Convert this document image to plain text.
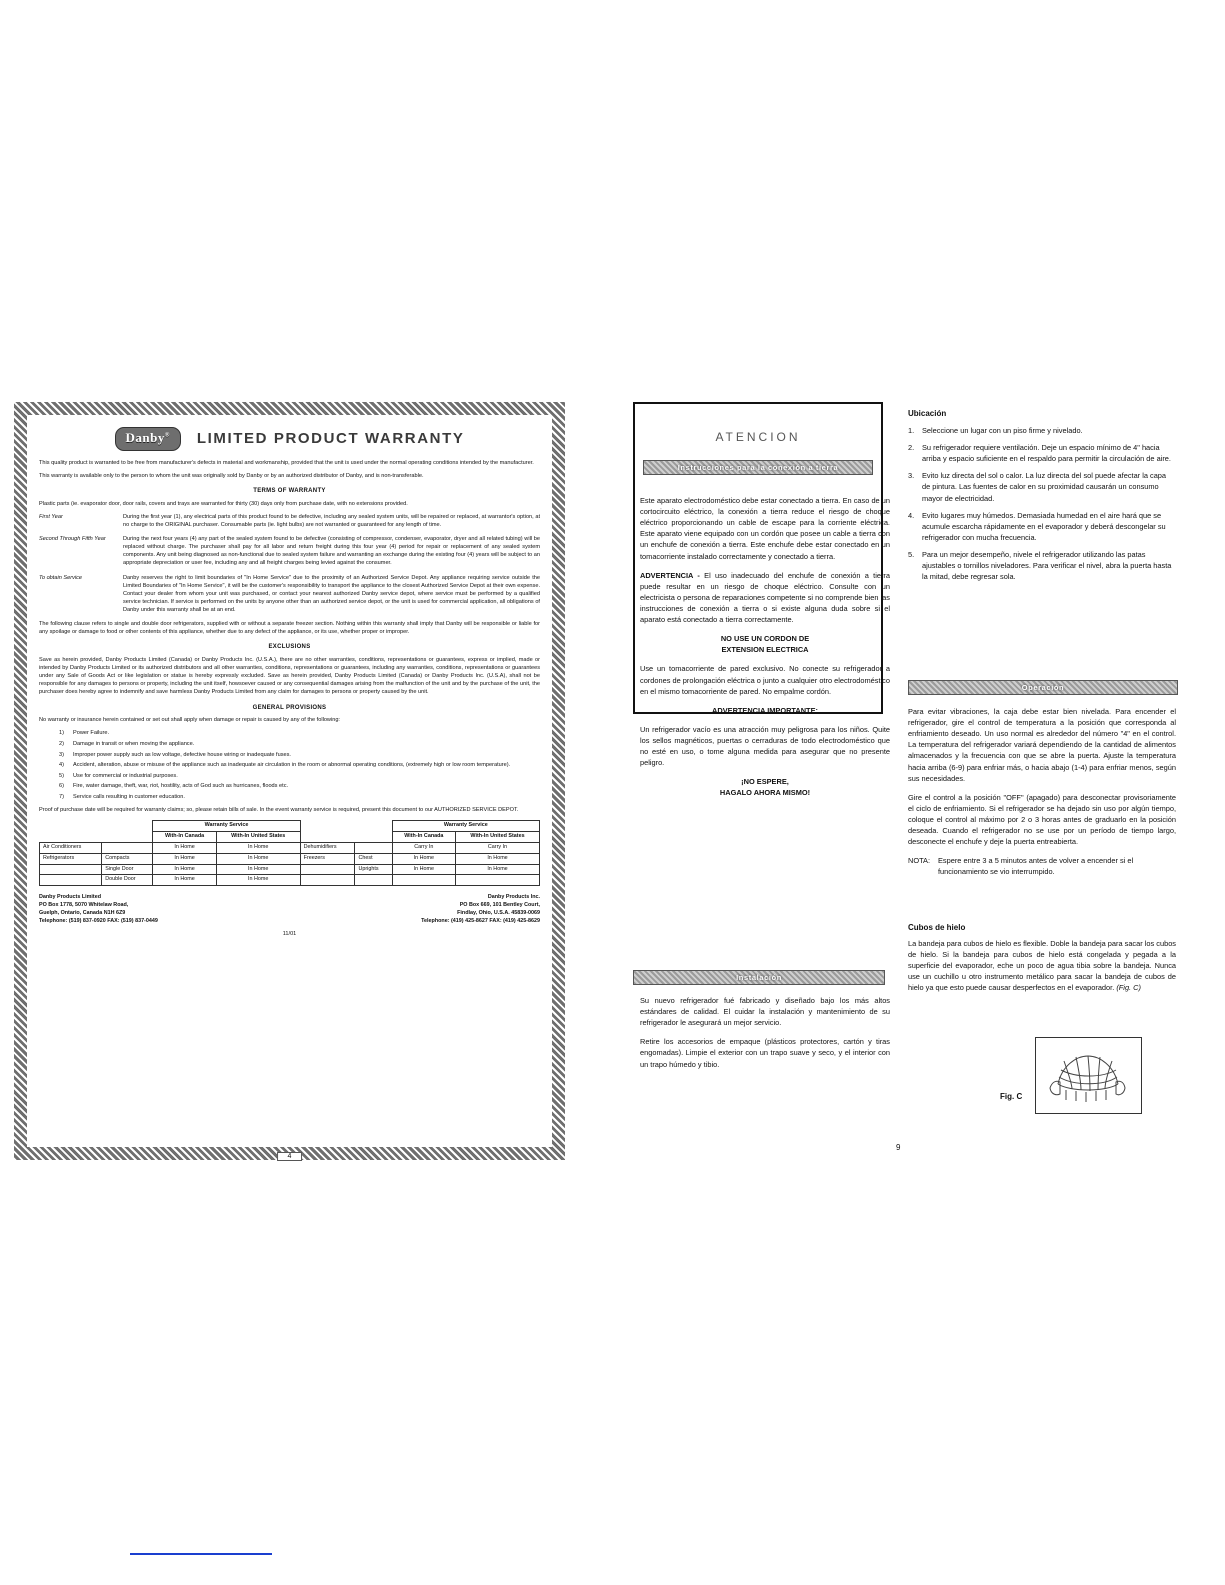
Danby®	LIMITED PRODUCT WARRANTY

This quality product is warranted to be free from manufacturer's defects in material and workmanship, provided that the unit is used under the normal operating conditions intended by the manufacturer.

This warranty is available only to the person to whom the unit was originally sold by Danby or by an authorized distributor of Danby, and is non-transferable.

TERMS OF WARRANTY

Plastic parts (ie. evaporator door, door rails, covers and trays are warranted for thirty (30) days only from purchase date, with no extensions provided.

First Year	During the first year (1), any electrical parts of this product found to be defective, including any sealed system units, will be repaired or replaced, at warrantor's option, at no charge to the ORIGINAL purchaser. Consumable parts (ie. light bulbs) are not warranted or guaranteed for any length of time.
Second Through Fifth Year	During the next four years (4) any part of the sealed system found to be defective (consisting of compressor, condenser, evaporator, dryer and all related tubing) will be replaced without charge. The purchaser shall pay for all labor and return freight during this four year (4) period for repair or replacement of any sealed system components. Any unit being diagnosed as non-functional due to sealed system failure and warranting an exchange during the existing four (4) years will be subject to an appropriate depreciation or user fee, including any and all freight charges being levied against the consumer.
To obtain Service	Danby reserves the right to limit boundaries of "In Home Service" due to the proximity of an Authorized Service Depot. Any appliance requiring service outside the Limited Boundaries of "In Home Service", it will be the customer's responsibility to transport the appliance to the closest Authorized Service Depot at their own expense. Contact your dealer from whom your unit was purchased, or contact your nearest authorized Danby service depot, where service must be performed by a qualified service technician. If service is performed on the units by anyone other than an authorized service depot, or the unit is used for commercial application, all obligations of Danby under this warranty shall be at an end.

The following clause refers to single and double door refrigerators, supplied with or without a separate freezer section. Nothing within this warranty shall imply that Danby will be responsible or liable for any spoilage or damage to food or other contents of this appliance, whether due to any defect of the appliance, or its use, whether proper or improper.

EXCLUSIONS

Save as herein provided, Danby Products Limited (Canada) or Danby Products Inc. (U.S.A.), there are no other warranties, conditions, representations or guarantees, express or implied, made or intended by Danby Products Limited or its authorized distributors and all other warranties, conditions, representations or guarantees, including any warranties, conditions, representations or guarantees under any Sale of Goods Act or like legislation or statue is hereby expressly excluded. Save as herein provided, Danby Products Limited (Canada) or Danby Products Inc. (U.S.A), shall not be responsible for any damages to persons or property, including the unit itself, howsoever caused or any consequential damages arising from the malfunction of the unit and by the purchase of the unit, the purchaser does hereby agree to indemnify and save harmless Danby Products Limited from any claim for damages to persons or property caused by the unit.

GENERAL PROVISIONS

No warranty or insurance herein contained or set out shall apply when damage or repair is caused by any of the following:

Power Failure.
Damage in transit or when moving the appliance.
Improper power supply such as low voltage, defective house wiring or inadequate fuses.
Accident, alteration, abuse or misuse of the appliance such as inadequate air circulation in the room or abnormal operating conditions, (extremely high or low room temperature).
Use for commercial or industrial purposes.
Fire, water damage, theft, war, riot, hostility, acts of God such as hurricanes, floods etc.
Service calls resulting in customer education.

Proof of purchase date will be required for warranty claims; so, please retain bills of sale. In the event warranty service is required, present this document to our AUTHORIZED SERVICE DEPOT.

		Warranty Service				Warranty Service	
		With-In Canada	With-In United States			With-In Canada	With-In United States
Air Conditioners		In Home	In Home	Dehumidifiers		Carry In	Carry In
Refrigerators	Compacts	In Home	In Home	Freezers	Chest	In Home	In Home
	Single Door	In Home	In Home		Uprights	In Home	In Home
	Double Door	In Home	In Home				
Danby Products Limited
PO Box 1778, 5070 Whitelaw Road,
Guelph, Ontario, Canada N1H 6Z9
Telephone: (519) 837-0920 FAX: (519) 837-0449
Danby Products Inc.
PO Box 669, 101 Bentley Court,
Findlay, Ohio, U.S.A. 45839-0069
Telephone: (419) 425-8627 FAX: (419) 425-8629
11/01
4
ATENCION
Instrucciones para la conexión a tierra

Este aparato electrodoméstico debe estar conectado a tierra. En caso de un cortocircuito eléctrico, la conexión a tierra reduce el riesgo de choque eléctrico proporcionando un cable de escape para la corriente eléctrica. Este aparato viene equipado con un cordón que posee un cable a tierra con un enchufe de conexión a tierra. Este enchufe debe estar conectado en un tomacorriente instalado correctamente y conectado a tierra.

ADVERTENCIA - El uso inadecuado del enchufe de conexión a tierra puede resultar en un riesgo de choque eléctrico. Consulte con un electricista o persona de reparaciones competente si no comprende bien las instrucciones de conexión a tierra o si existe alguna duda sobre si el aparato está conectado a tierra correctamente.

NO USE UN CORDON DE
EXTENSION ELECTRICA

Use un tomacorriente de pared exclusivo. No conecte su refrigerador a cordones de prolongación eléctrica o junto a cualquier otro electrodoméstico en el mismo tomacorriente de pared. No empalme cordón.

ADVERTENCIA IMPORTANTE:

Un refrigerador vacío es una atracción muy peligrosa para los niños. Quite los sellos magnéticos, puertas o cerraduras de todo electrodoméstico que no esté en uso, o tome alguna medida para asegurar que no presente peligro.

¡NO ESPERE,
HAGALO AHORA MISMO!

Instalación

Su nuevo refrigerador fué fabricado y diseñado bajo los más altos estándares de calidad. El cuidar la instalación y mantenimiento de su refrigerador le asegurará un mejor servicio.

Retire los accesorios de empaque (plásticos protectores, cartón y tiras engomadas). Limpie el exterior con un trapo suave y seco, y el interior con un trapo húmedo y tibio.

Ubicación
Seleccione un lugar con un piso firme y nivelado.
Su refrigerador requiere ventilación. Deje un espacio mínimo de 4" hacia arriba y espacio suficiente en el respaldo para permitir la circulación de aire.
Evito luz directa del sol o calor. La luz directa del sol puede afectar la capa de pintura. Las fuentes de calor en su proximidad causarán un consumo mayor de electricidad.
Evito lugares muy húmedos. Demasiada humedad en el aire hará que se acumule escarcha rápidamente en el evaporador y deberá descongelar su refrigerador con mucha frecuencia.
Para un mejor desempeño, nivele el refrigerador utilizando las patas ajustables o tornillos niveladores. Para verificar el nivel, abra la puerta hasta la mitad, debe regresar sola.
Operación

Para evitar vibraciones, la caja debe estar bien nivelada. Para encender el refrigerador, gire el control de temperatura a la posición que corresponda al enfriamiento deseado. Un uso normal es alrededor del número "4" en el control. La temperatura del refrigerador variará dependiendo de la cantidad de alimentos almacenados y la frecuencia con que se abre la puerta. Ajuste la temperatura hacia arriba (6-9) para enfriar más, o hacia abajo (1-4) para enfriar menos, según sus necesidades.

Gire el control a la posición "OFF" (apagado) para desconectar provisoriamente el ciclo de enfriamiento. Si el refrigerador se ha dejado sin uso por algún tiempo, coloque el control al máximo por 2 o 3 horas antes de graduarlo en la posición deseada. Cuando el refrigerador no se use por un período de tiempo largo, desconecte el enchufe y deje la puerta entreabierta.

NOTA:	Espere entre 3 a 5 minutos antes de volver a encender si el funcionamiento se vio interrumpido.
Cubos de hielo

La bandeja para cubos de hielo es flexible. Doble la bandeja para sacar los cubos de hielo. Si la bandeja para cubos de hielo está congelada y pegada a la superficie del evaporador, eche un poco de agua tibia sobre la bandeja. Nunca use un cuchillo u otro instrumento metálico para sacar la bandeja de cubos de hielo ya que esto puede causar desperfectos en el evaporador. (Fig. C)

Fig. C
9
